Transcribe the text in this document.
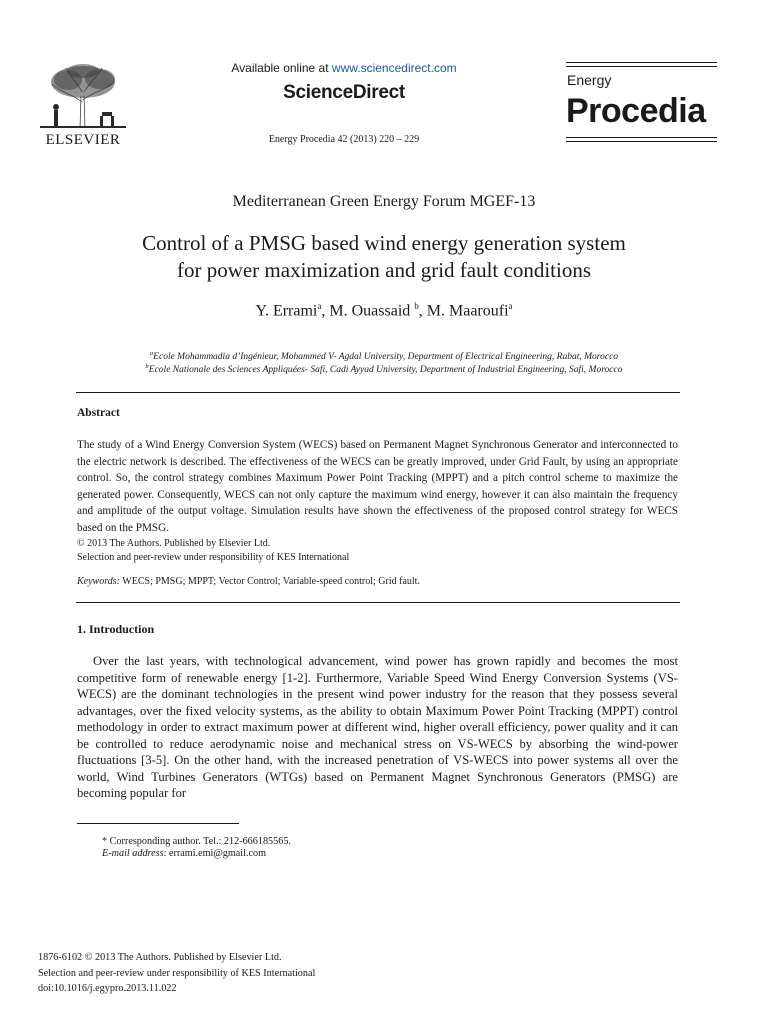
ELSEVIER
Available online at www.sciencedirect.com
ScienceDirect
Energy Procedia 42 (2013) 220 – 229
Energy
Procedia
Mediterranean Green Energy Forum MGEF-13
Control of a PMSG based wind energy generation system
for power maximization and grid fault conditions
Y. Errami$^a$, M. Ouassaid $^b$, M. Maaroufi$^a$
$^a$Ecole Mohammadia d’Ingénieur, Mohammed V- Agdal University, Department of Electrical Engineering, Rabat, Morocco
$^b$Ecole Nationale des Sciences Appliquées- Safi, Cadi Ayyad University, Department of Industrial Engineering, Safi, Morocco
Abstract
The study of a Wind Energy Conversion System (WECS) based on Permanent Magnet Synchronous Generator and interconnected to the electric network is described. The effectiveness of the WECS can be greatly improved, under Grid Fault, by using an appropriate control. So, the control strategy combines Maximum Power Point Tracking (MPPT) and a pitch control scheme to maximize the generated power. Consequently, WECS can not only capture the maximum wind energy, however it can also maintain the frequency and amplitude of the output voltage. Simulation results have shown the effectiveness of the proposed control strategy for WECS based on the PMSG.
© 2013 The Authors. Published by Elsevier Ltd.
Selection and peer-review under responsibility of KES International
Keywords: WECS; PMSG; MPPT; Vector Control; Variable-speed control; Grid fault.
1. Introduction
Over the last years, with technological advancement, wind power has grown rapidly and becomes the most competitive form of renewable energy [1-2]. Furthermore, Variable Speed Wind Energy Conversion Systems (VS-WECS) are the dominant technologies in the present wind power industry for the reason that they possess several advantages, over the fixed velocity systems, as the ability to obtain Maximum Power Point Tracking (MPPT) control methodology in order to extract maximum power at different wind, higher overall efficiency, power quality and it can be controlled to reduce aerodynamic noise and mechanical stress on VS-WECS by absorbing the wind-power fluctuations [3-5]. On the other hand, with the increased penetration of VS-WECS into power systems all over the world, Wind Turbines Generators (WTGs) based on Permanent Magnet Synchronous Generators (PMSG) are becoming popular for
* Corresponding author. Tel.: 212-666185565.
E-mail address: errami.emi@gmail.com
1876-6102 © 2013 The Authors. Published by Elsevier Ltd.
Selection and peer-review under responsibility of KES International
doi:10.1016/j.egypro.2013.11.022
